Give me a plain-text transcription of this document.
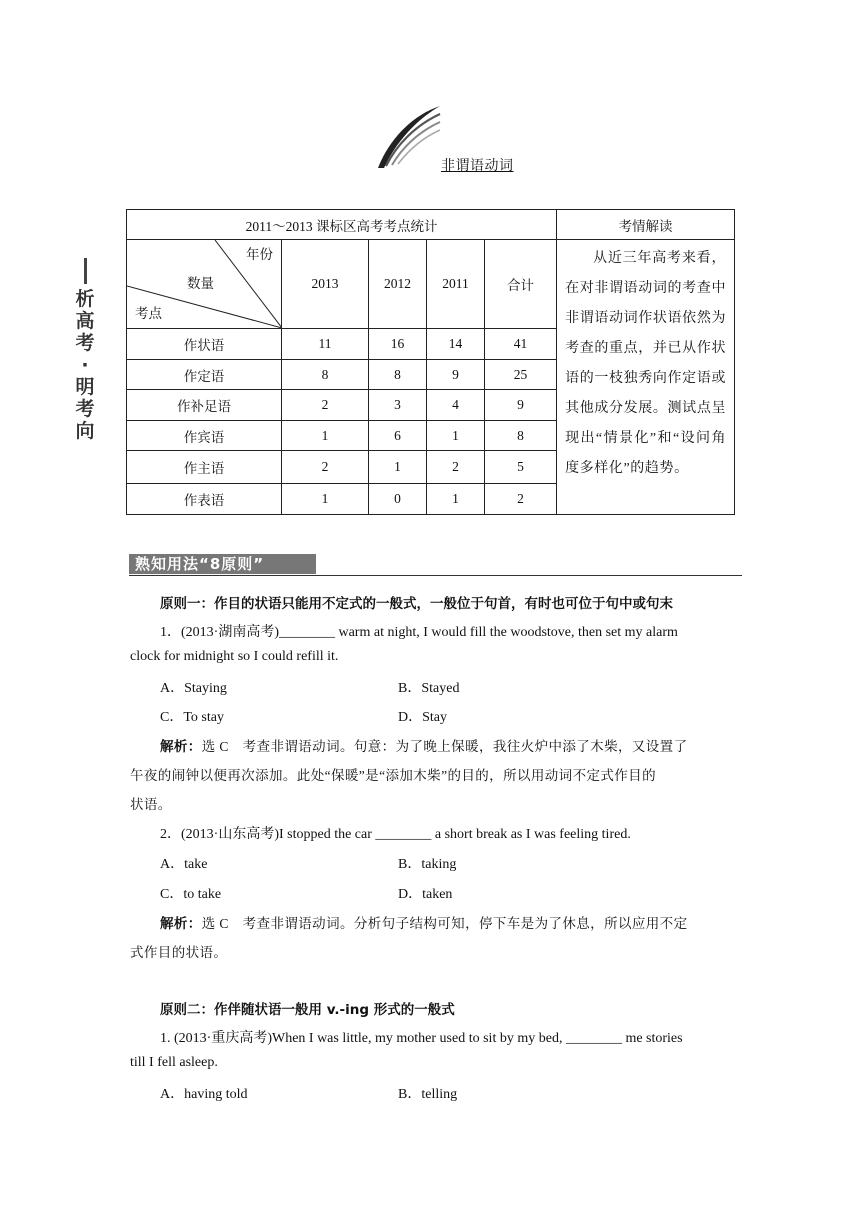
非谓语动词
析
高
考
·
明
考
向
2011～2013 课标区高考考点统计					考情解读

年份
数量
考点	2013	2012	2011	合计	从近三年高考来看，在对非谓语动词的考查中非谓语动词作状语依然为考查的重点，并已从作状语的一枝独秀向作定语或其他成分发展。测试点呈现出“情景化”和“设问角度多样化”的趋势。
作状语	11	16	14	41	
作定语	8	8	9	25	
作补足语	2	3	4	9	
作宾语	1	6	1	8	
作主语	2	1	2	5	
作表语	1	0	1	2	
熟知用法“8原则”
原则一：作目的状语只能用不定式的一般式，一般位于句首，有时也可位于句中或句末
1．(2013·湖南高考)________ warm at night, I would fill the woodstove, then set my alarm
clock for midnight so I could refill it.
A．Staying	B．Stayed
C．To stay	D．Stay
解析：选 C　考查非谓语动词。句意：为了晚上保暖，我往火炉中添了木柴，又设置了
午夜的闹钟以便再次添加。此处“保暖”是“添加木柴”的目的，所以用动词不定式作目的
状语。
2．(2013·山东高考)I stopped the car ________ a short break as I was feeling tired.
A．take	B．taking
C．to take	D．taken
解析：选 C　考查非谓语动词。分析句子结构可知，停下车是为了休息，所以应用不定
式作目的状语。
原则二：作伴随状语一般用 v.-ing 形式的一般式
1. (2013·重庆高考)When I was little, my mother used to sit by my bed, ________ me stories
till I fell asleep.
A．having told	B．telling
